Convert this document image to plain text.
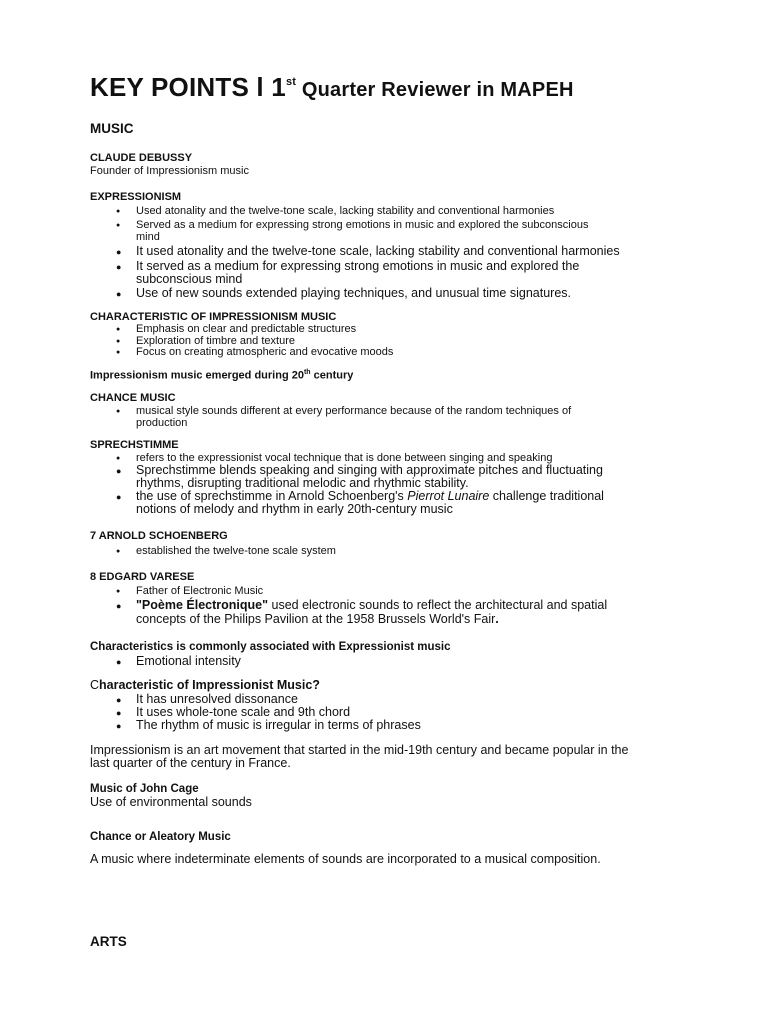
KEY POINTS l 1st Quarter Reviewer in MAPEH
MUSIC
CLAUDE DEBUSSY
Founder of Impressionism music
EXPRESSIONISM
● Used atonality and the twelve-tone scale, lacking stability and conventional harmonies
● Served as a medium for expressing strong emotions in music and explored the subconscious
mind
● It used atonality and the twelve-tone scale, lacking stability and conventional harmonies
● It served as a medium for expressing strong emotions in music and explored the
subconscious mind
● Use of new sounds extended playing techniques, and unusual time signatures.
CHARACTERISTIC OF IMPRESSIONISM MUSIC
● Emphasis on clear and predictable structures
● Exploration of timbre and texture
● Focus on creating atmospheric and evocative moods
Impressionism music emerged during 20th century
CHANCE MUSIC
● musical style sounds different at every performance because of the random techniques of
production
SPRECHSTIMME
● refers to the expressionist vocal technique that is done between singing and speaking
● Sprechstimme blends speaking and singing with approximate pitches and fluctuating
rhythms, disrupting traditional melodic and rhythmic stability.
● the use of sprechstimme in Arnold Schoenberg's Pierrot Lunaire challenge traditional
notions of melody and rhythm in early 20th-century music
7 ARNOLD SCHOENBERG
● established the twelve-tone scale system
8 EDGARD VARESE
● Father of Electronic Music
● "Poème Électronique" used electronic sounds to reflect the architectural and spatial
concepts of the Philips Pavilion at the 1958 Brussels World's Fair.
Characteristics is commonly associated with Expressionist music
● Emotional intensity
Characteristic of Impressionist Music?
● It has unresolved dissonance
● It uses whole-tone scale and 9th chord
● The rhythm of music is irregular in terms of phrases
Impressionism is an art movement that started in the mid-19th century and became popular in the
last quarter of the century in France.
Music of John Cage
Use of environmental sounds
Chance or Aleatory Music
A music where indeterminate elements of sounds are incorporated to a musical composition.
ARTS
